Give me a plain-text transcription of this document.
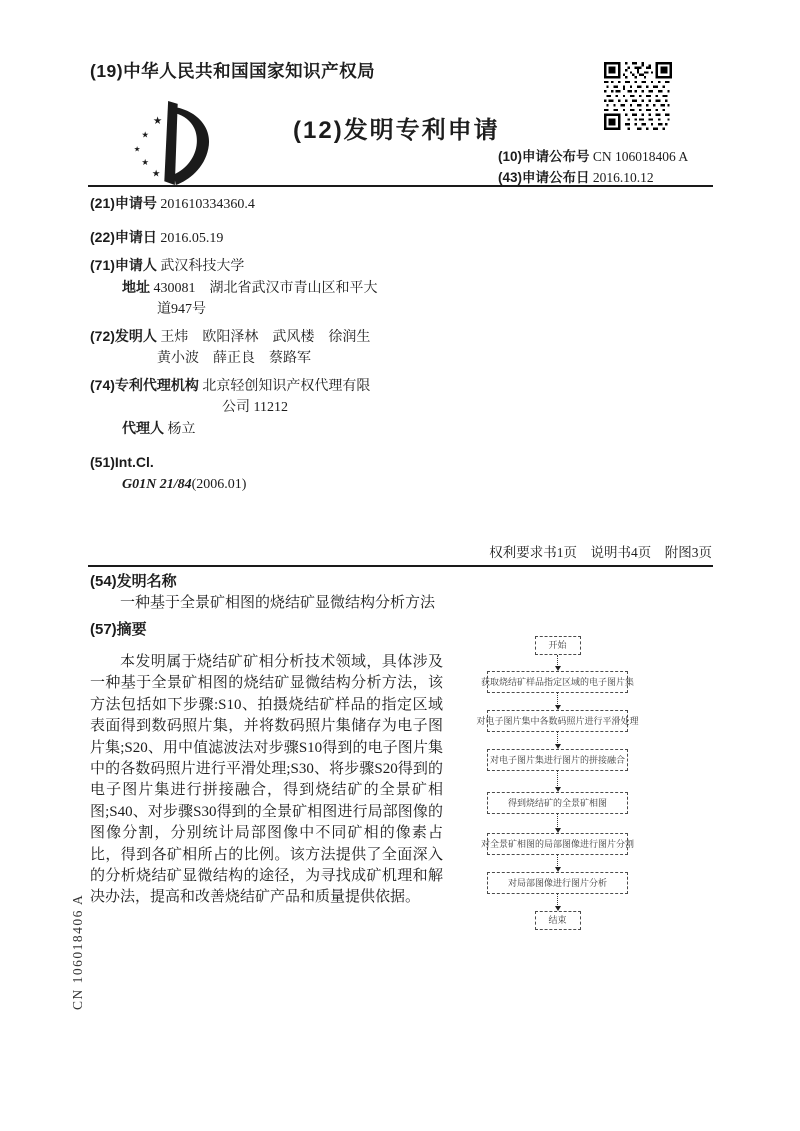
(19)中华人民共和国国家知识产权局
★
★
★
★
★
(12)发明专利申请
(10)申请公布号 CN 106018406 A
(43)申请公布日 2016.10.12
(21)申请号 201610334360.4
(22)申请日 2016.05.19
(71)申请人 武汉科技大学
地址 430081　湖北省武汉市青山区和平大
道947号
(72)发明人 王炜　欧阳泽林　武风楼　徐润生
黄小波　薛正良　蔡路军
(74)专利代理机构 北京轻创知识产权代理有限
公司 11212
代理人 杨立
(51)Int.Cl.
G01N 21/84(2006.01)
权利要求书1页　说明书4页　附图3页
(54)发明名称
一种基于全景矿相图的烧结矿显微结构分析方法
(57)摘要
本发明属于烧结矿矿相分析技术领域，具体涉及一种基于全景矿相图的烧结矿显微结构分析方法，该方法包括如下步骤:S10、拍摄烧结矿样品的指定区域表面得到数码照片集，并将数码照片集储存为电子图片集;S20、用中值滤波法对步骤S10得到的电子图片集中的各数码照片进行平滑处理;S30、将步骤S20得到的电子图片集进行拼接融合，得到烧结矿的全景矿相图;S40、对步骤S30得到的全景矿相图进行局部图像的图像分割，分别统计局部图像中不同矿相的像素占比，得到各矿相所占的比例。该方法提供了全面深入的分析烧结矿显微结构的途径，为寻找成矿机理和解决办法，提高和改善烧结矿产品和质量提供依据。
开始
获取烧结矿样品指定区域的电子图片集
对电子图片集中各数码照片进行平滑处理
对电子图片集进行图片的拼接融合
得到烧结矿的全景矿相图
对全景矿相图的局部图像进行图片分割
对局部图像进行图片分析
结束
CN 106018406 A
